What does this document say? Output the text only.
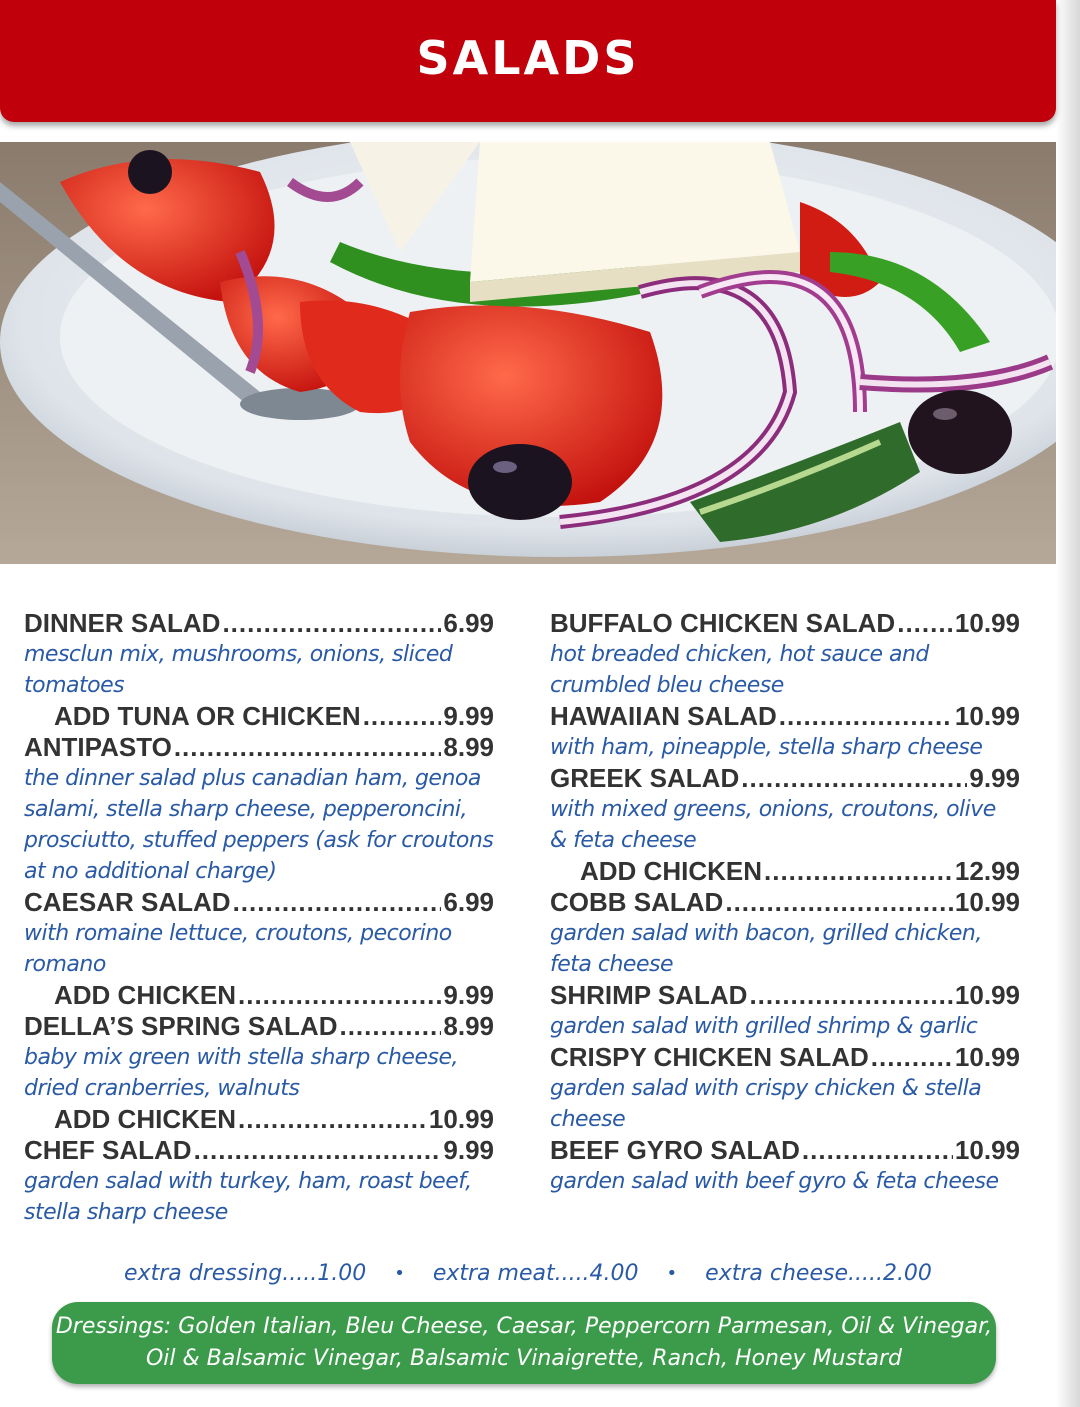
SALADS
DINNER SALAD .....	6.99
mesclun mix, mushrooms, onions, sliced
tomatoes
ADD TUNA OR CHICKEN .....	9.99
ANTIPASTO .....	8.99
the dinner salad plus canadian ham, genoa
salami, stella sharp cheese, pepperoncini,
prosciutto, stuffed peppers (ask for croutons
at no additional charge)
CAESAR SALAD .....	6.99
with romaine lettuce, croutons, pecorino
romano
ADD CHICKEN .....	9.99
DELLA’S SPRING SALAD .....	8.99
baby mix green with stella sharp cheese,
dried cranberries, walnuts
ADD CHICKEN .....	10.99
CHEF SALAD .....	9.99
garden salad with turkey, ham, roast beef,
stella sharp cheese
BUFFALO CHICKEN SALAD ..... 10.99
hot breaded chicken, hot sauce and
crumbled bleu cheese
HAWAIIAN SALAD .....	10.99
with ham, pineapple, stella sharp cheese
GREEK SALAD .....	9.99
with mixed greens, onions, croutons, olive
& feta cheese
ADD CHICKEN .....	12.99
COBB SALAD .....	10.99
garden salad with bacon, grilled chicken,
feta cheese
SHRIMP SALAD .....	10.99
garden salad with grilled shrimp & garlic
CRISPY CHICKEN SALAD .....	10.99
garden salad with crispy chicken & stella
cheese
BEEF GYRO SALAD .....	10.99
garden salad with beef gyro & feta cheese
extra dressing.....1.00 • extra meat.....4.00 • extra cheese.....2.00
Dressings: Golden Italian, Bleu Cheese, Caesar, Peppercorn Parmesan, Oil & Vinegar,
Oil & Balsamic Vinegar, Balsamic Vinaigrette, Ranch, Honey Mustard
